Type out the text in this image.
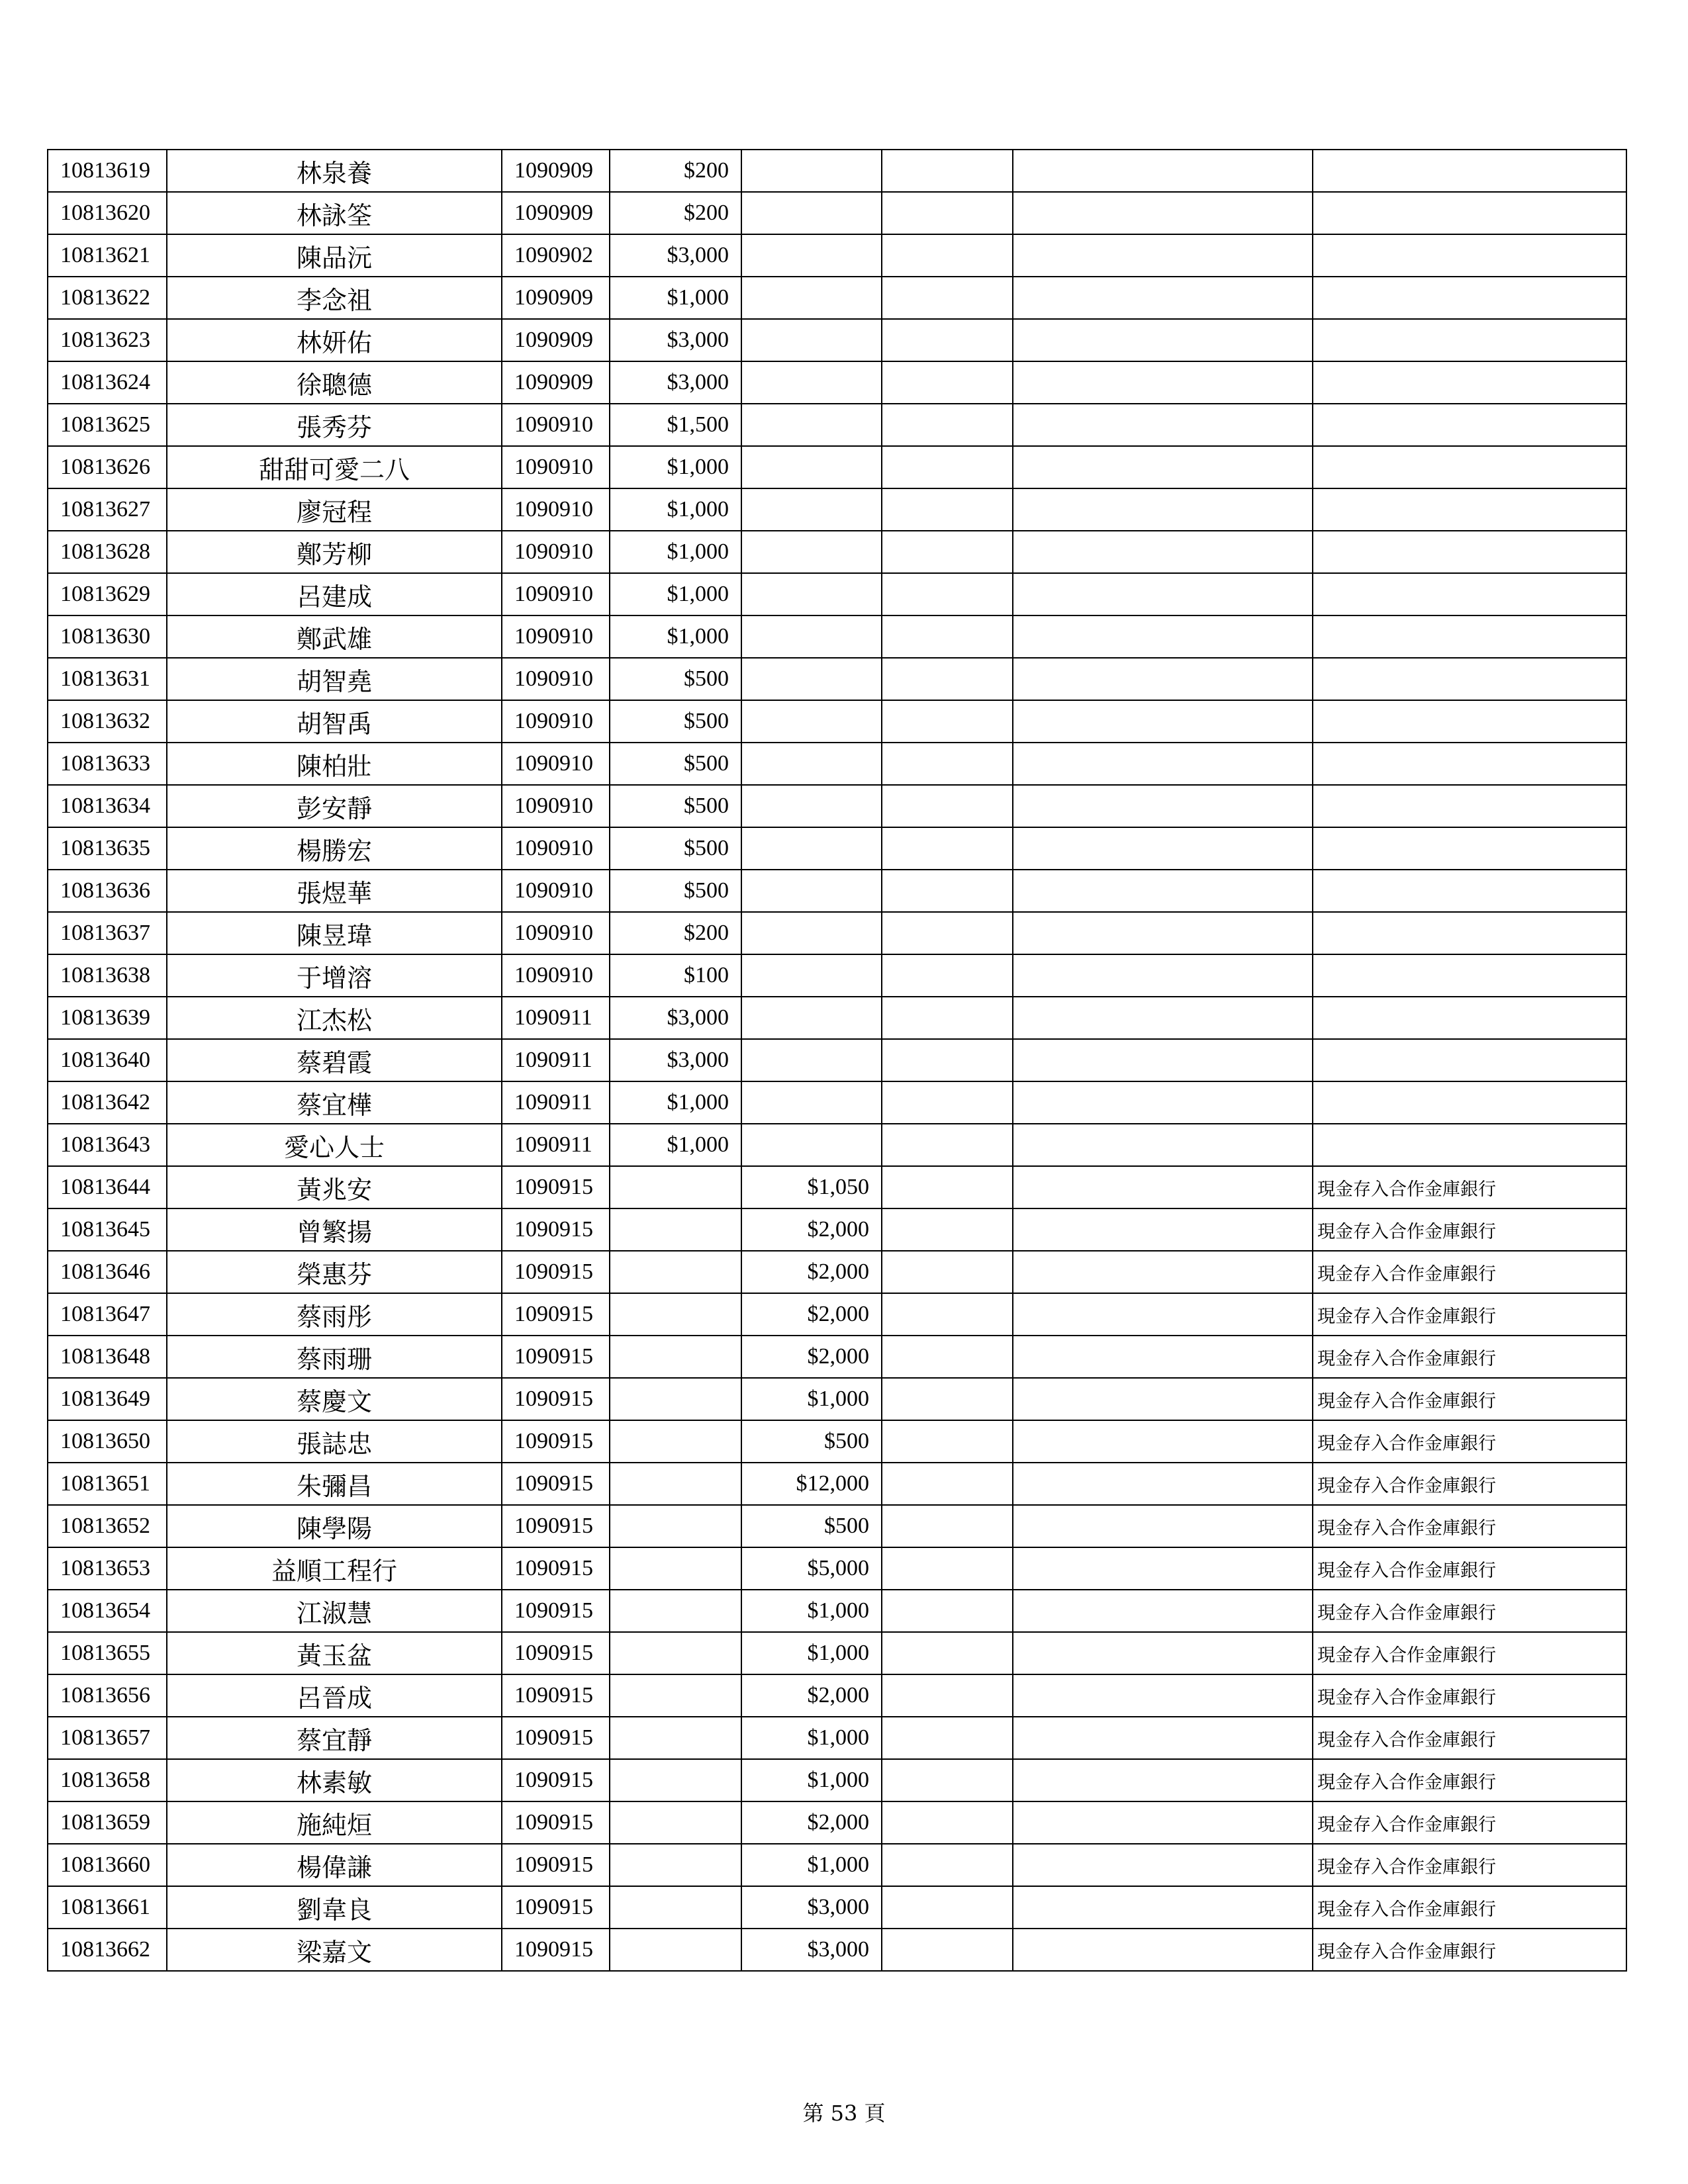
10813619	林泉養	1090909	$200				
10813620	林詠筌	1090909	$200				
10813621	陳品沅	1090902	$3,000				
10813622	李念祖	1090909	$1,000				
10813623	林妍佑	1090909	$3,000				
10813624	徐聰德	1090909	$3,000				
10813625	張秀芬	1090910	$1,500				
10813626	甜甜可愛二八	1090910	$1,000				
10813627	廖冠程	1090910	$1,000				
10813628	鄭芳柳	1090910	$1,000				
10813629	呂建成	1090910	$1,000				
10813630	鄭武雄	1090910	$1,000				
10813631	胡智堯	1090910	$500				
10813632	胡智禹	1090910	$500				
10813633	陳柏壯	1090910	$500				
10813634	彭安靜	1090910	$500				
10813635	楊勝宏	1090910	$500				
10813636	張煜華	1090910	$500				
10813637	陳昱瑋	1090910	$200				
10813638	于增溶	1090910	$100				
10813639	江杰松	1090911	$3,000				
10813640	蔡碧霞	1090911	$3,000				
10813642	蔡宜樺	1090911	$1,000				
10813643	愛心人士	1090911	$1,000				
10813644	黃兆安	1090915		$1,050			現金存入合作金庫銀行
10813645	曾繁揚	1090915		$2,000			現金存入合作金庫銀行
10813646	榮惠芬	1090915		$2,000			現金存入合作金庫銀行
10813647	蔡雨彤	1090915		$2,000			現金存入合作金庫銀行
10813648	蔡雨珊	1090915		$2,000			現金存入合作金庫銀行
10813649	蔡慶文	1090915		$1,000			現金存入合作金庫銀行
10813650	張誌忠	1090915		$500			現金存入合作金庫銀行
10813651	朱彌昌	1090915		$12,000			現金存入合作金庫銀行
10813652	陳學陽	1090915		$500			現金存入合作金庫銀行
10813653	益順工程行	1090915		$5,000			現金存入合作金庫銀行
10813654	江淑慧	1090915		$1,000			現金存入合作金庫銀行
10813655	黃玉盆	1090915		$1,000			現金存入合作金庫銀行
10813656	呂晉成	1090915		$2,000			現金存入合作金庫銀行
10813657	蔡宜靜	1090915		$1,000			現金存入合作金庫銀行
10813658	林素敏	1090915		$1,000			現金存入合作金庫銀行
10813659	施純烜	1090915		$2,000			現金存入合作金庫銀行
10813660	楊偉謙	1090915		$1,000			現金存入合作金庫銀行
10813661	劉韋良	1090915		$3,000			現金存入合作金庫銀行
10813662	梁嘉文	1090915		$3,000			現金存入合作金庫銀行
第 53 頁
